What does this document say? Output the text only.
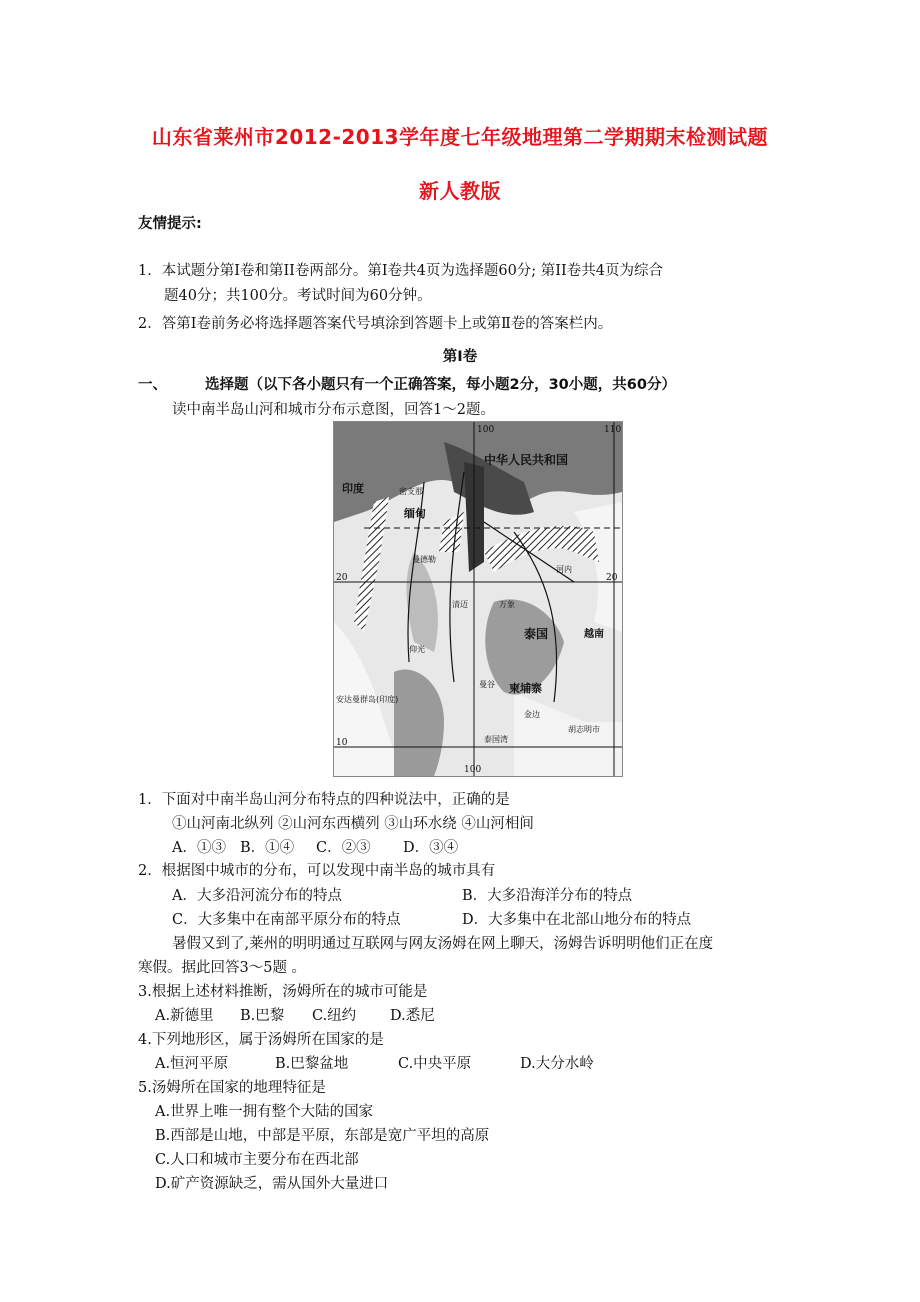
山东省莱州市2012-2013学年度七年级地理第二学期期末检测试题
新人教版
友情提示:
1．本试题分第Ⅰ卷和第II卷两部分。第Ⅰ卷共4页为选择题60分; 第II卷共4页为综合
题40分；共100分。考试时间为60分钟。
2．答第Ⅰ卷前务必将选择题答案代号填涂到答题卡上或第Ⅱ卷的答案栏内。
第Ⅰ卷
一、	选择题（以下各小题只有一个正确答案，每小题2分，30小题，共60分）
读中南半岛山河和城市分布示意图，回答1～2题。
100	110
20	20
10
100
中华人民共和国
印度
缅甸
泰国
柬埔寨
越南
密支那
曼德勒
仰光
清迈	万象
河内
曼谷
金边
胡志明市
安达曼群岛(印度)
泰国湾
1．下面对中南半岛山河分布特点的四种说法中，正确的是
①山河南北纵列 ②山河东西横列 ③山环水绕 ④山河相间
A．①③ B．①④ C．②③ D．③④
2．根据图中城市的分布，可以发现中南半岛的城市具有
A．大多沿河流分布的特点	B．大多沿海洋分布的特点
C．大多集中在南部平原分布的特点	D．大多集中在北部山地分布的特点
暑假又到了,莱州的明明通过互联网与网友汤姆在网上聊天，汤姆告诉明明他们正在度
寒假。据此回答3～5题 。
3.根据上述材料推断，汤姆所在的城市可能是
A.新德里 B.巴黎 C.纽约 D.悉尼
4.下列地形区，属于汤姆所在国家的是
A.恒河平原	B.巴黎盆地	C.中央平原	D.大分水岭
5.汤姆所在国家的地理特征是
A.世界上唯一拥有整个大陆的国家
B.西部是山地，中部是平原，东部是宽广平坦的高原
C.人口和城市主要分布在西北部
D.矿产资源缺乏，需从国外大量进口
